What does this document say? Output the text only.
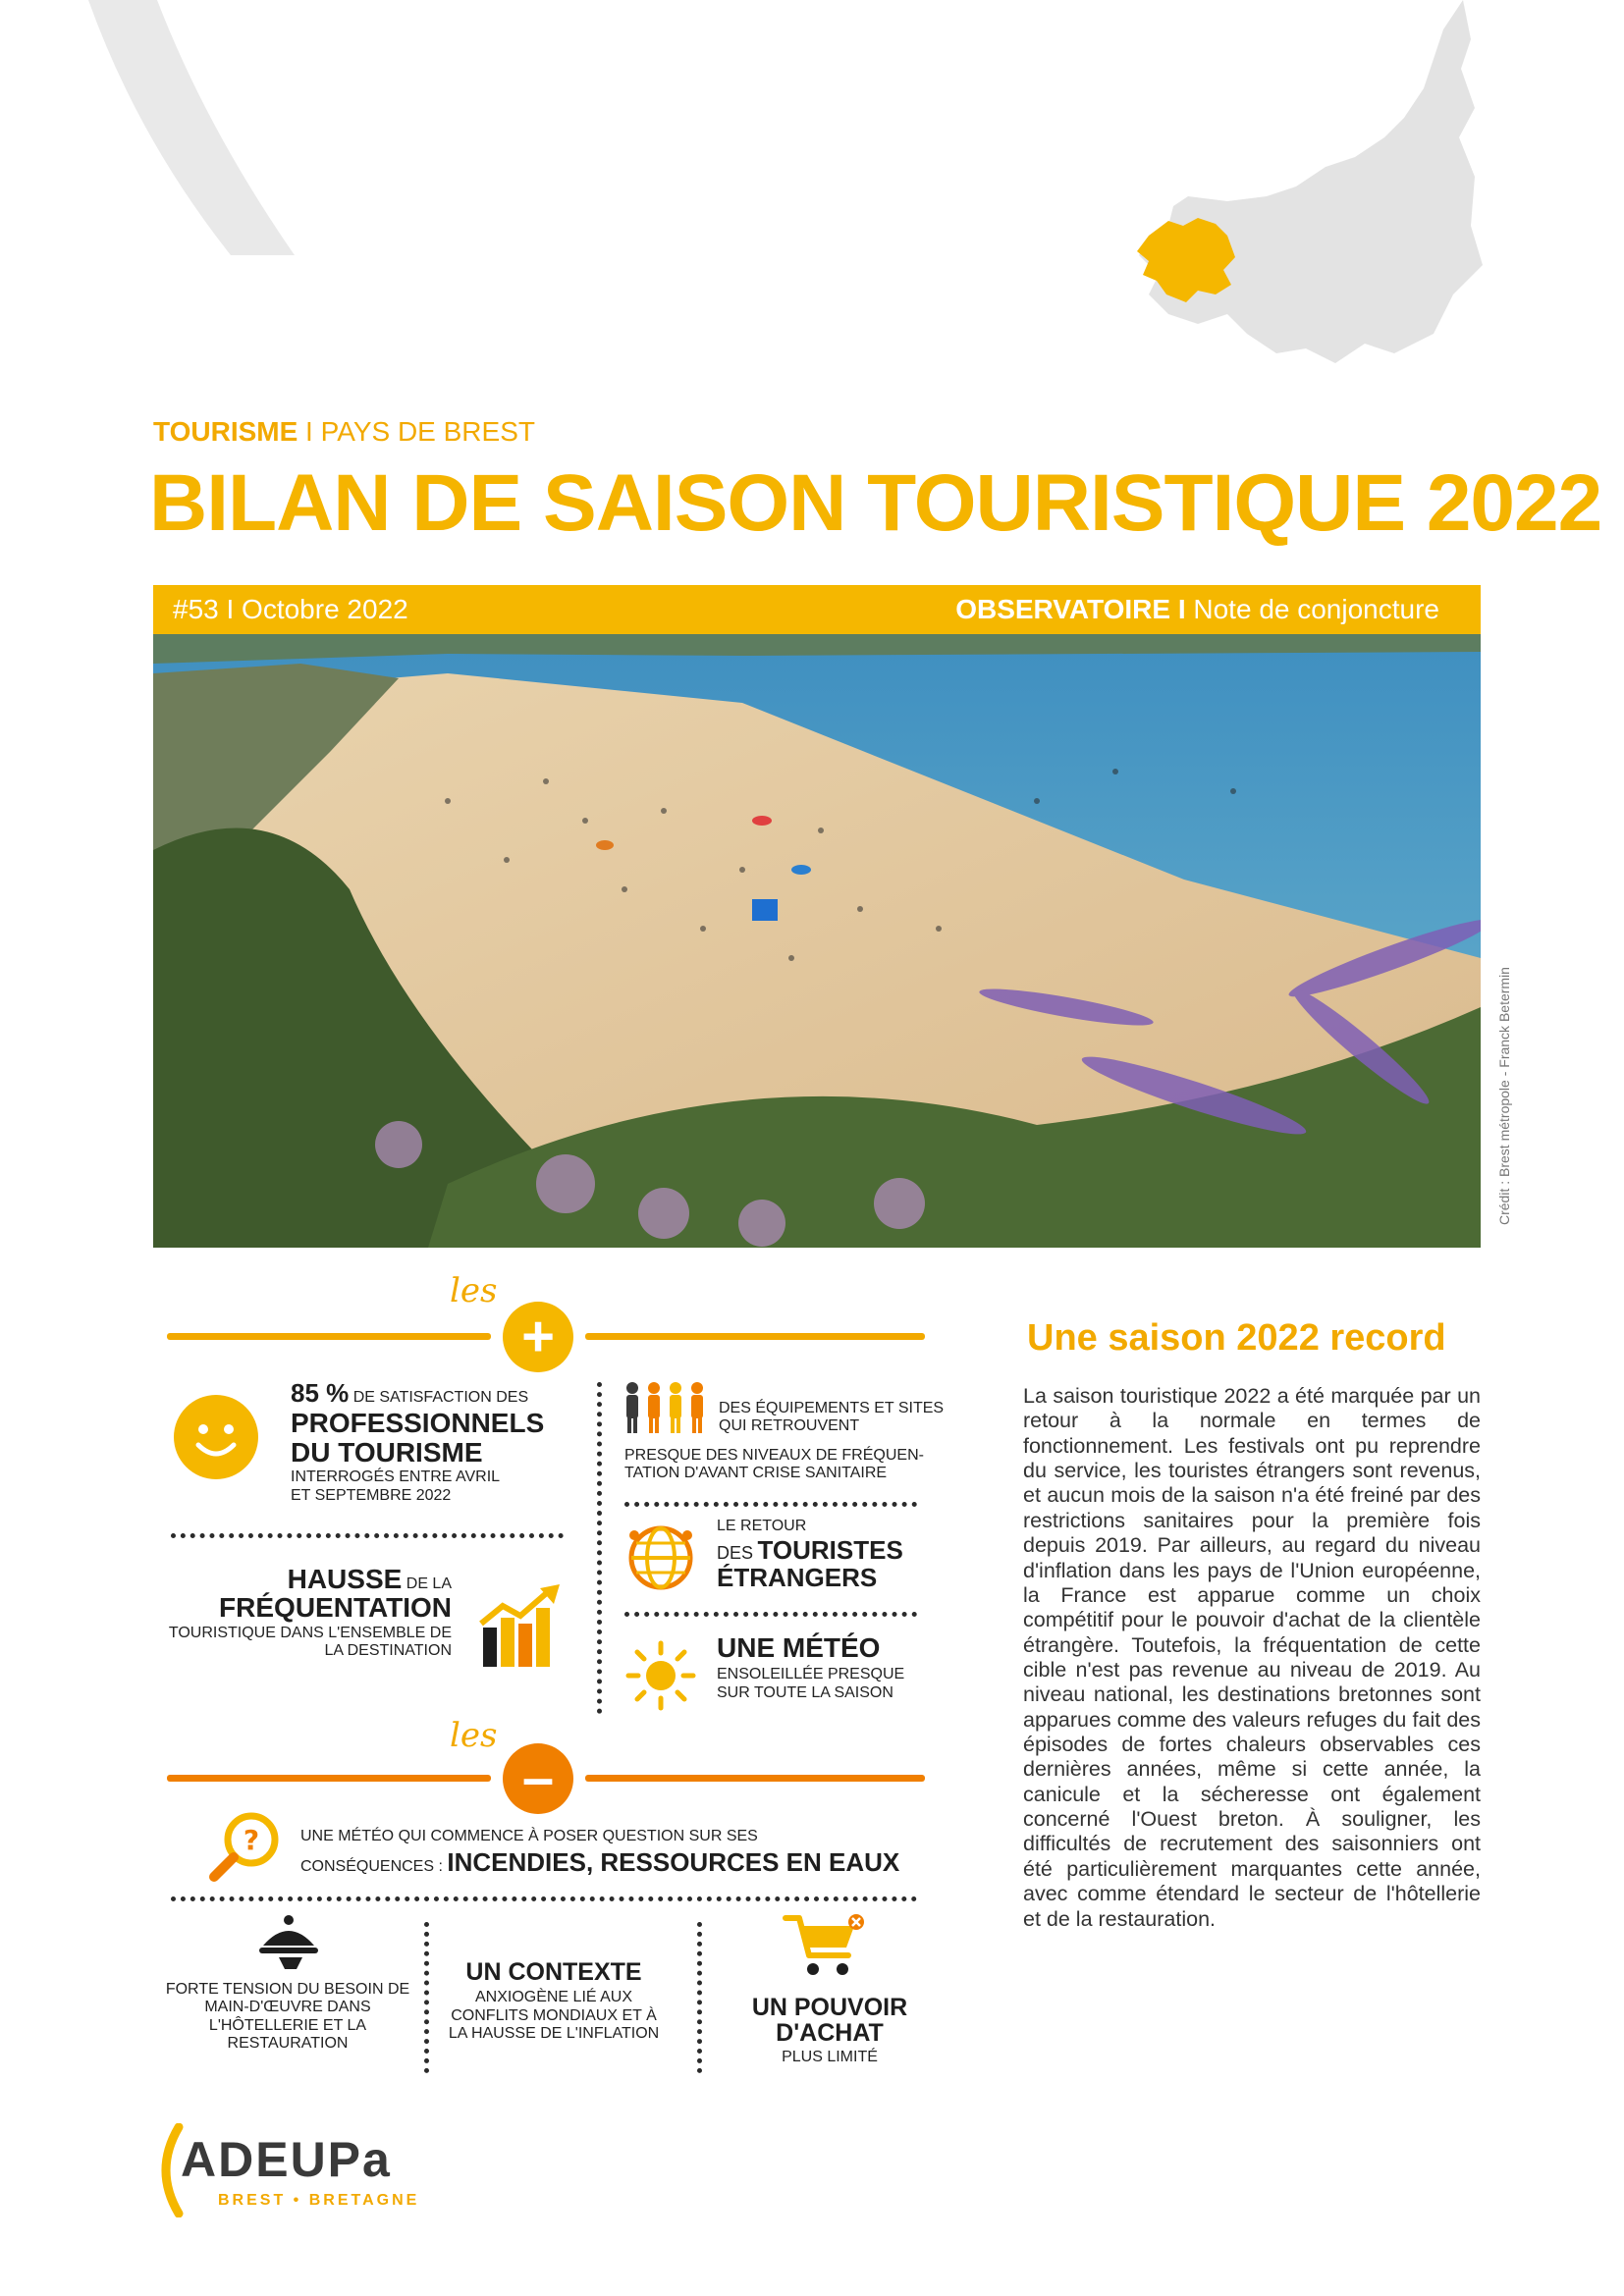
TOURISME I PAYS DE BREST
BILAN DE SAISON TOURISTIQUE 2022
#53 I Octobre 2022	OBSERVATOIRE I Note de conjoncture
Crédit : Brest métropole - Franck Betermin
les
+
85 % DE SATISFACTION DES
PROFESSIONNELS DU TOURISME
INTERROGÉS ENTRE AVRIL ET SEPTEMBRE 2022
DES ÉQUIPEMENTS ET SITES QUI RETROUVENT
PRESQUE DES NIVEAUX DE FRÉQUEN-TATION D'AVANT CRISE SANITAIRE
LE RETOUR
DES TOURISTES ÉTRANGERS
UNE MÉTÉO
ENSOLEILLÉE PRESQUE SUR TOUTE LA SAISON
HAUSSE DE LA
FRÉQUENTATION
TOURISTIQUE DANS L'ENSEMBLE DE LA DESTINATION
les
–
?	UNE MÉTÉO QUI COMMENCE À POSER QUESTION SUR SES
CONSÉQUENCES : INCENDIES, RESSOURCES EN EAUX
FORTE TENSION DU BESOIN DE MAIN-D'ŒUVRE DANS L'HÔTELLERIE ET LA RESTAURATION
UN CONTEXTE
ANXIOGÈNE LIÉ AUX CONFLITS MONDIAUX ET À LA HAUSSE DE L'INFLATION
UN POUVOIR D'ACHAT
PLUS LIMITÉ
Une saison 2022 record
La saison touristique 2022 a été marquée par un retour à la normale en termes de fonctionnement. Les festivals ont pu reprendre du service, les touristes étrangers sont revenus, et aucun mois de la saison n'a été freiné par des restrictions sanitaires pour la première fois depuis 2019. Par ailleurs, au regard du niveau d'inflation dans les pays de l'Union européenne, la France est apparue comme un choix compétitif pour le pouvoir d'achat de la clientèle étrangère. Toutefois, la fréquentation de cette cible n'est pas revenue au niveau de 2019. Au niveau national, les destinations bretonnes sont apparues comme des valeurs refuges du fait des épisodes de fortes chaleurs observables ces dernières années, même si cette année, la canicule et la sécheresse ont également concerné l'Ouest breton. À souligner, les difficultés de recrutement des saisonniers ont été particulièrement marquantes cette année, avec comme étendard le secteur de l'hôtellerie et de la restauration.
ADEUPa
BREST • BRETAGNE
